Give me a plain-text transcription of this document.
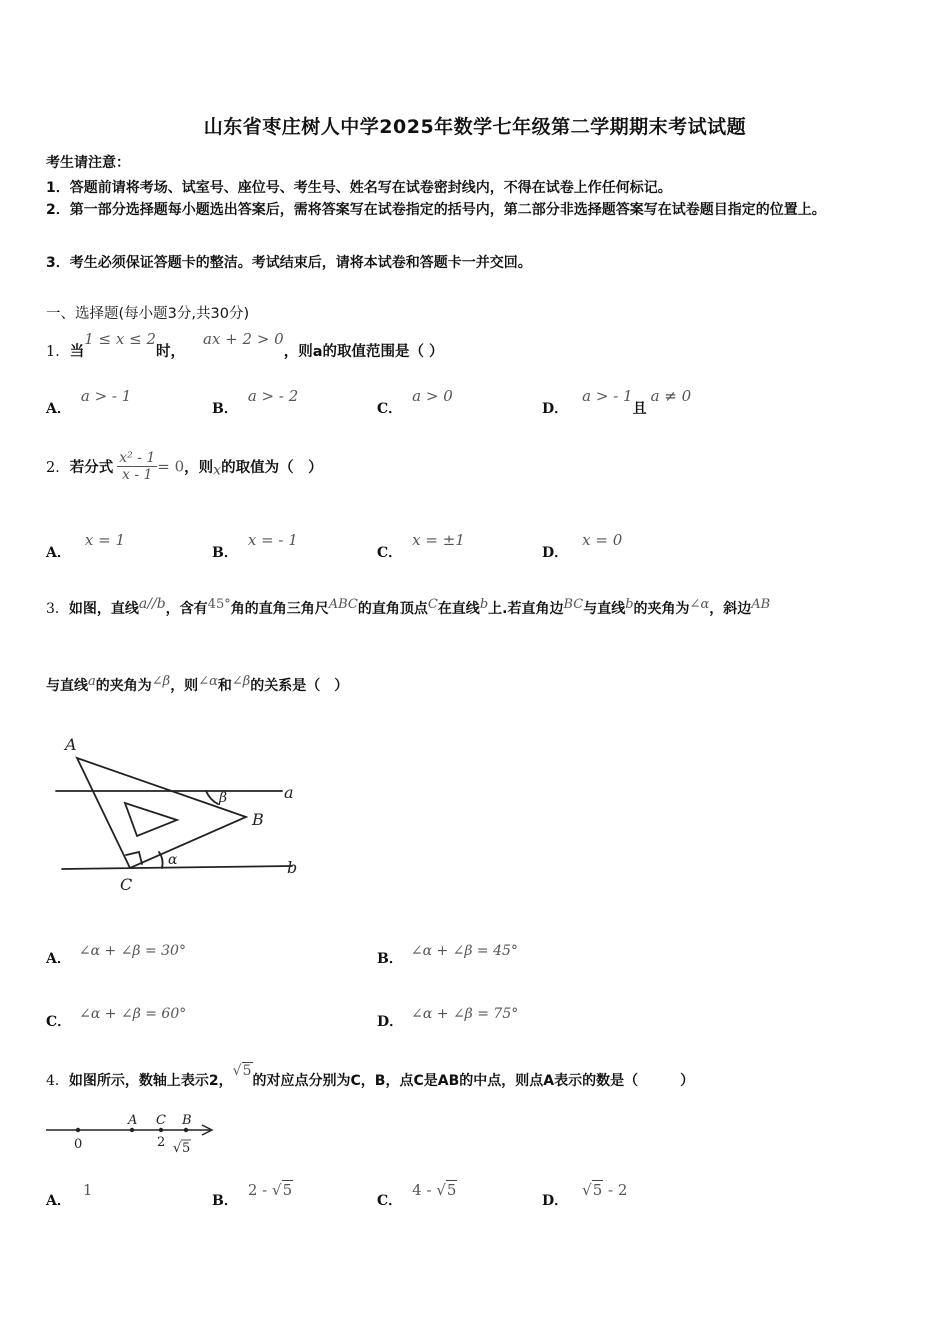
山东省枣庄树人中学2025年数学七年级第二学期期末考试试题
考生请注意：
1．答题前请将考场、试室号、座位号、考生号、姓名写在试卷密封线内，不得在试卷上作任何标记。
2．第一部分选择题每小题选出答案后，需将答案写在试卷指定的括号内，第二部分非选择题答案写在试卷题目指定的位置上。
3．考生必须保证答题卡的整洁。考试结束后，请将本试卷和答题卡一并交回。
一、选择题(每小题3分,共30分)
1．当1 ≤ x ≤ 2时，ax + 2 > 0，则a的取值范围是（ ）
A．a > - 1
B．a > - 2
C．a > 0
D．a > - 1且a ≠ 0
2．若分式 $\frac{\text{x² - 1}}{x - 1} = 0$，则x的取值为（　）
A．x = 1
B．x = - 1
C．x = ±1
D．x = 0
3．如图，直线a//b，含有45°角的直角三角尺ABC的直角顶点C在直线b上.若直角边BC与直线b的夹角为∠α，斜边AB
与直线a的夹角为∠β，则∠α和∠β的关系是（　）
A
B
C
a
b
α
β
A． ∠α + ∠β = 30°	B． ∠α + ∠β = 45°
C． ∠α + ∠β = 60°	D． ∠α + ∠β = 75°
4．如图所示，数轴上表示2，√5的对应点分别为C，B，点C是AB的中点，则点A表示的数是（　　　）
0
A C B
2 √ 5
A．1
B．2 - √5
C．4 - √5
D．√5 - 2
